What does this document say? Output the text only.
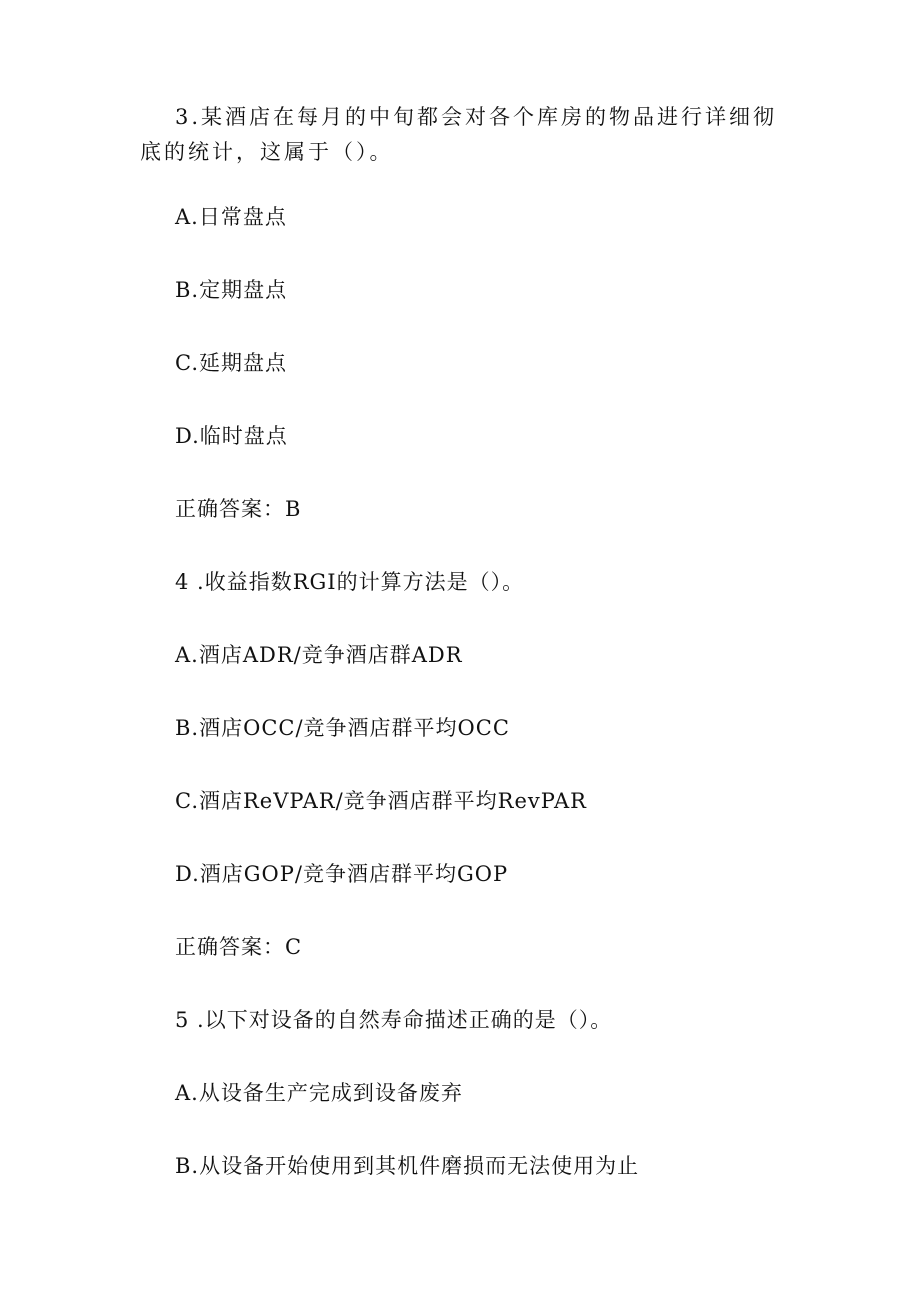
3.某酒店在每月的中旬都会对各个库房的物品进行详细彻底的统计，这属于（）。
A.日常盘点
B.定期盘点
C.延期盘点
D.临时盘点
正确答案：B
4 .收益指数RGI的计算方法是（）。
A.酒店ADR/竞争酒店群ADR
B.酒店OCC/竞争酒店群平均OCC
C.酒店ReVPAR/竞争酒店群平均RevPAR
D.酒店GOP/竞争酒店群平均GOP
正确答案：C
5 .以下对设备的自然寿命描述正确的是（）。
A.从设备生产完成到设备废弃
B.从设备开始使用到其机件磨损而无法使用为止
